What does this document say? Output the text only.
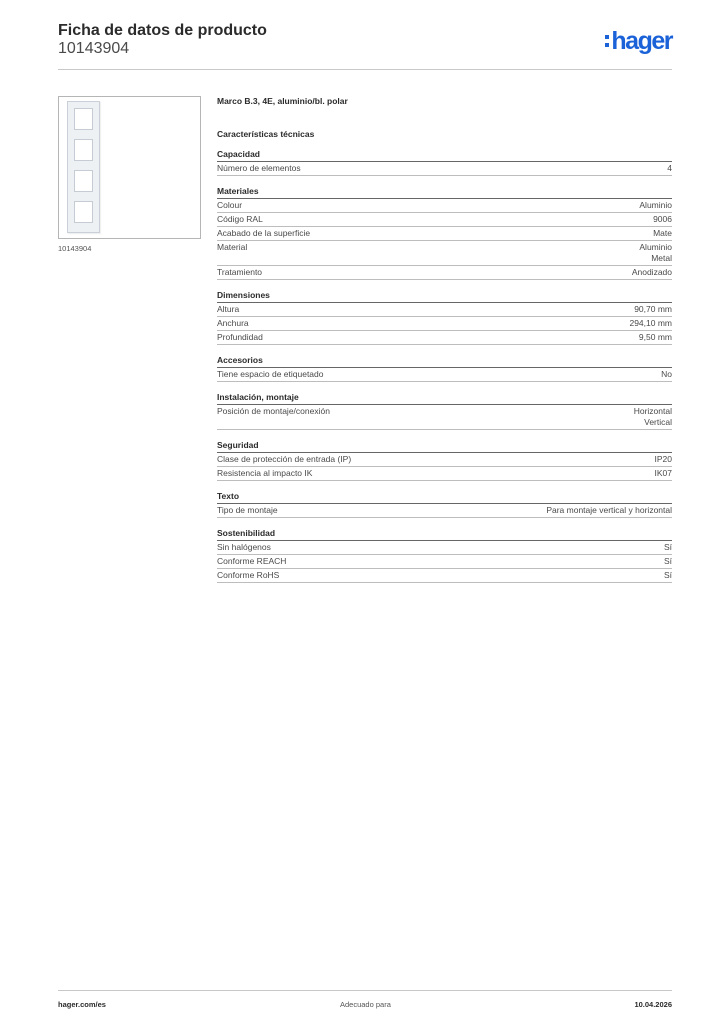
Ficha de datos de producto
10143904	hager
10143904
Marco B.3, 4E, aluminio/bl. polar
Características técnicas
Capacidad
Número de elementos	4
Materiales
Colour	Aluminio
Código RAL	9006
Acabado de la superficie	Mate
Material	Aluminio
Metal
Tratamiento	Anodizado
Dimensiones
Altura	90,70 mm
Anchura	294,10 mm
Profundidad	9,50 mm
Accesorios
Tiene espacio de etiquetado	No
Instalación, montaje
Posición de montaje/conexión	Horizontal
Vertical
Seguridad
Clase de protección de entrada (IP)	IP20
Resistencia al impacto IK	IK07
Texto
Tipo de montaje	Para montaje vertical y horizontal
Sostenibilidad
Sin halógenos	Sí
Conforme REACH	Sí
Conforme RoHS	Sí
hager.com/es	Adecuado para	10.04.2026
